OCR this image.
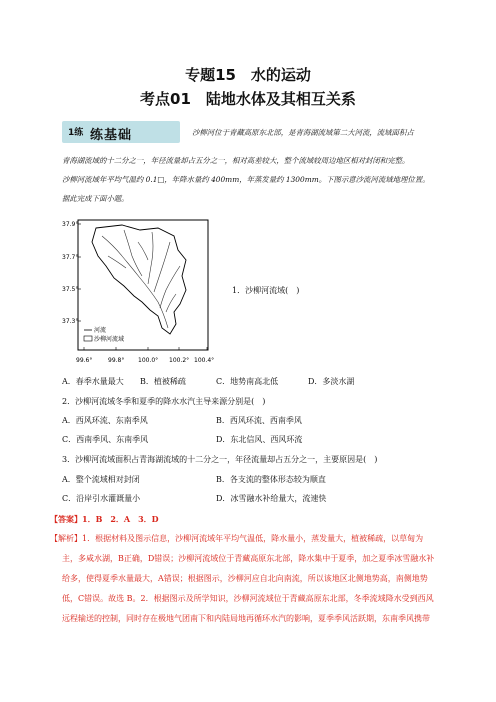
专题15　水的运动
考点01　陆地水体及其相互关系
1练 练基础	沙柳河位于青藏高原东北部，是青海湖流域第二大河流，流域面积占
青海湖流域的十二分之一，年径流量却占五分之一，相对高差较大，整个流域较周边地区相对封闭和完整。
沙柳河流域年平均气温约 0.1□，年降水量约 400mm，年蒸发量约 1300mm。下图示意沙流河流域地理位置。
据此完成下面小题。
37.9°
37.7°
37.5°
37.3°
河流
沙柳河流域
99.6°	99.8° 100.0° 100.2° 100.4°
1．沙柳河流域(　)
A．春季水量最大 B．植被稀疏	C．地势南高北低	D．多淡水湖
2．沙柳河流域冬季和夏季的降水水汽主导来源分别是(　)
A．西风环流、东南季风	B．西风环流、西南季风
C．西南季风、东南季风	D．东北信风、西风环流
3．沙柳河流域面积占青海湖流域的十二分之一，年径流量却占五分之一，主要原因是(　)
A．整个流域相对封闭	B．各支流的整体形态较为顺直
C．沿岸引水灌溉量小	D．冰雪融水补给量大，流速快
【答案】1．B　2．A　3．D
【解析】1．根据材料及图示信息，沙柳河流域年平均气温低，降水量小，蒸发量大，植被稀疏，以草甸为
主，多咸水湖，B正确，D错误；沙柳河流域位于青藏高原东北部，降水集中于夏季，加之夏季冰雪融水补
给多，使得夏季水量最大，A错误；根据图示，沙柳河应自北向南流，所以该地区北侧地势高，南侧地势
低，C错误。故选 B。2．根据图示及所学知识，沙柳河流域位于青藏高原东北部，冬季流域降水受到西风
远程输送的控制，同时存在极地气团南下和内陆局地再循环水汽的影响，夏季季风活跃期，东南季风携带
